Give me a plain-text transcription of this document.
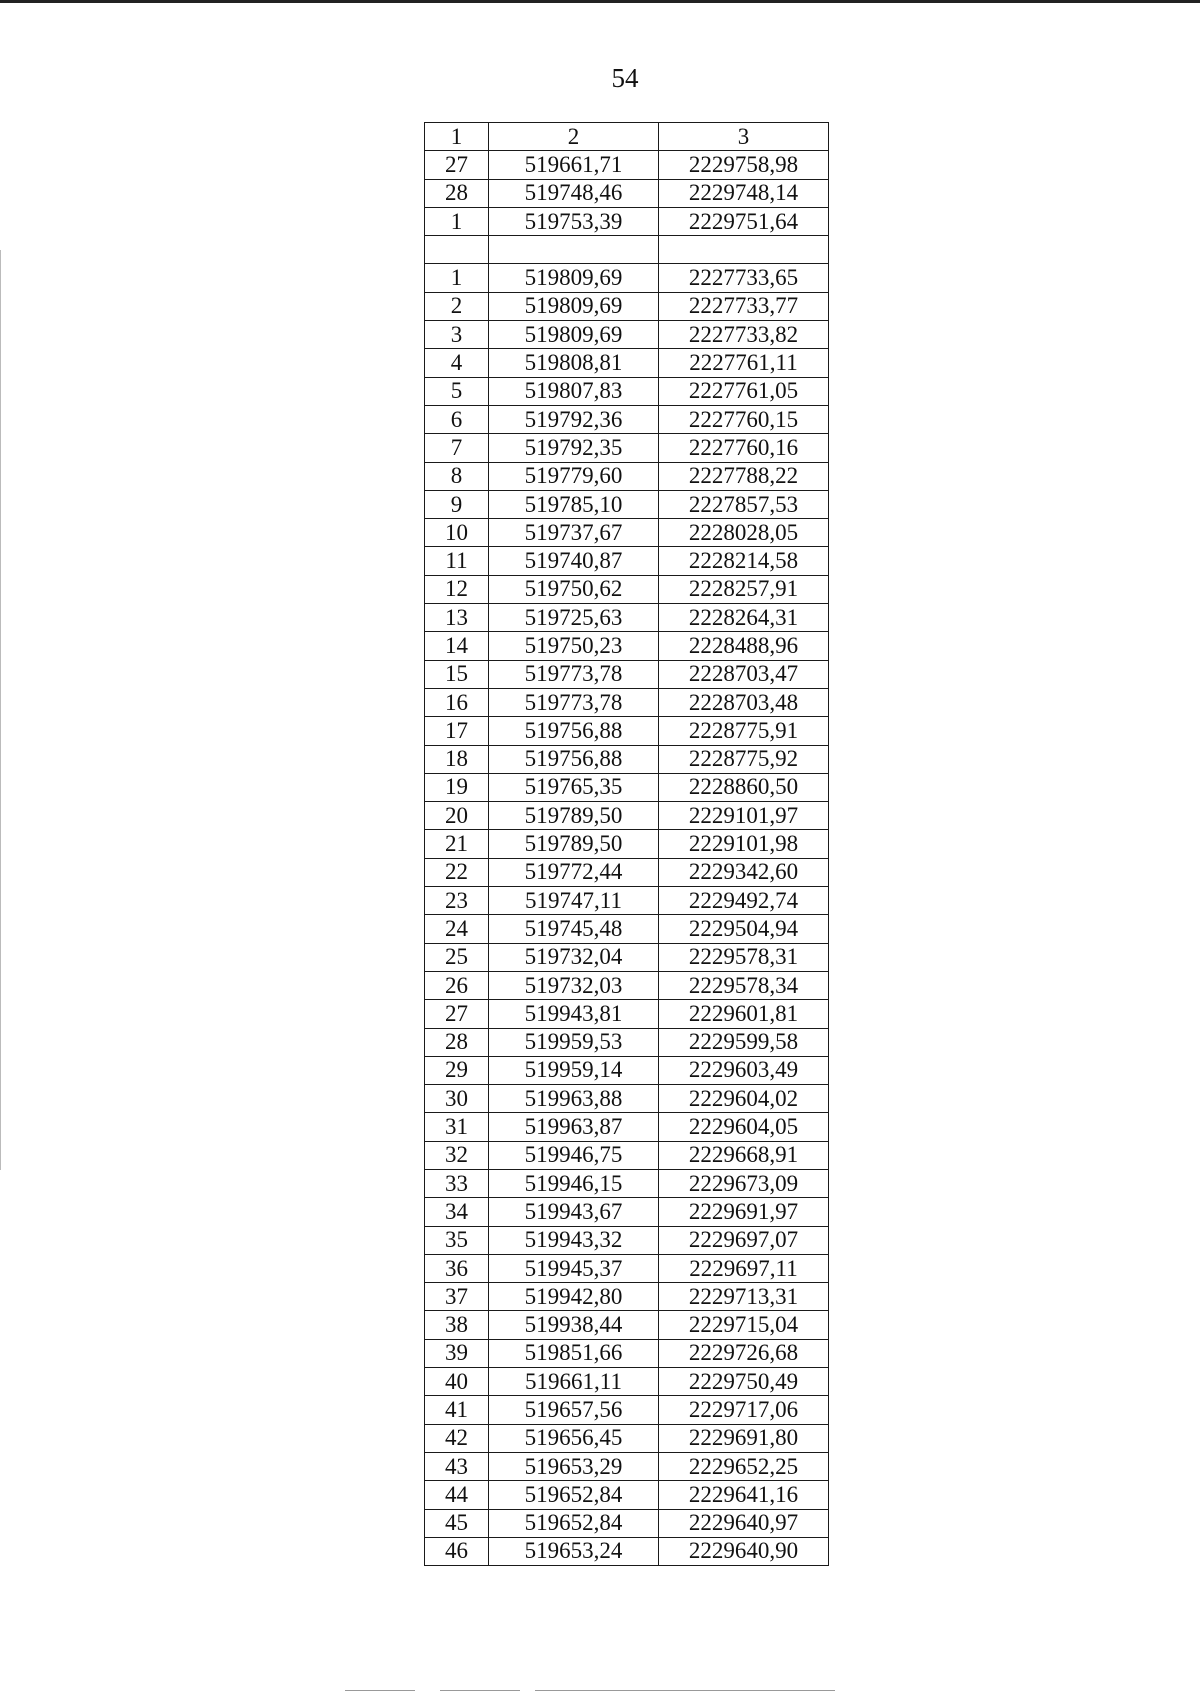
54
1	2	3
27	519661,71	2229758,98
28	519748,46	2229748,14
1	519753,39	2229751,64

1	519809,69	2227733,65
2	519809,69	2227733,77
3	519809,69	2227733,82
4	519808,81	2227761,11
5	519807,83	2227761,05
6	519792,36	2227760,15
7	519792,35	2227760,16
8	519779,60	2227788,22
9	519785,10	2227857,53
10	519737,67	2228028,05
11	519740,87	2228214,58
12	519750,62	2228257,91
13	519725,63	2228264,31
14	519750,23	2228488,96
15	519773,78	2228703,47
16	519773,78	2228703,48
17	519756,88	2228775,91
18	519756,88	2228775,92
19	519765,35	2228860,50
20	519789,50	2229101,97
21	519789,50	2229101,98
22	519772,44	2229342,60
23	519747,11	2229492,74
24	519745,48	2229504,94
25	519732,04	2229578,31
26	519732,03	2229578,34
27	519943,81	2229601,81
28	519959,53	2229599,58
29	519959,14	2229603,49
30	519963,88	2229604,02
31	519963,87	2229604,05
32	519946,75	2229668,91
33	519946,15	2229673,09
34	519943,67	2229691,97
35	519943,32	2229697,07
36	519945,37	2229697,11
37	519942,80	2229713,31
38	519938,44	2229715,04
39	519851,66	2229726,68
40	519661,11	2229750,49
41	519657,56	2229717,06
42	519656,45	2229691,80
43	519653,29	2229652,25
44	519652,84	2229641,16
45	519652,84	2229640,97
46	519653,24	2229640,90
